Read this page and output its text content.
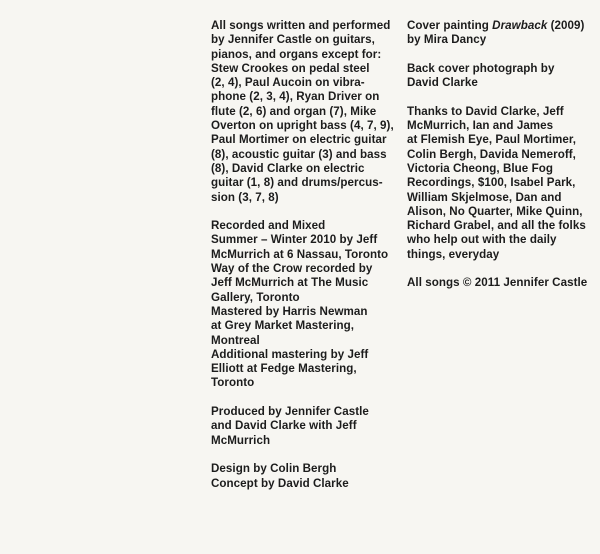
All songs written and performed
by Jennifer Castle on guitars,
pianos, and organs except for:
Stew Crookes on pedal steel
(2, 4), Paul Aucoin on vibra-
phone (2, 3, 4), Ryan Driver on
flute (2, 6) and organ (7), Mike
Overton on upright bass (4, 7, 9),
Paul Mortimer on electric guitar
(8), acoustic guitar (3) and bass
(8), David Clarke on electric
guitar (1, 8) and drums/percus-
sion (3, 7, 8)
Recorded and Mixed
Summer – Winter 2010 by Jeff
McMurrich at 6 Nassau, Toronto
Way of the Crow recorded by
Jeff McMurrich at The Music
Gallery, Toronto
Mastered by Harris Newman
at Grey Market Mastering,
Montreal
Additional mastering by Jeff
Elliott at Fedge Mastering,
Toronto
Produced by Jennifer Castle
and David Clarke with Jeff
McMurrich
Design by Colin Bergh
Concept by David Clarke
Cover painting Drawback (2009)
by Mira Dancy
Back cover photograph by
David Clarke
Thanks to David Clarke, Jeff
McMurrich, Ian and James
at Flemish Eye, Paul Mortimer,
Colin Bergh, Davida Nemeroff,
Victoria Cheong, Blue Fog
Recordings, $100, Isabel Park,
William Skjelmose, Dan and
Alison, No Quarter, Mike Quinn,
Richard Grabel, and all the folks
who help out with the daily
things, everyday
All songs © 2011 Jennifer Castle
